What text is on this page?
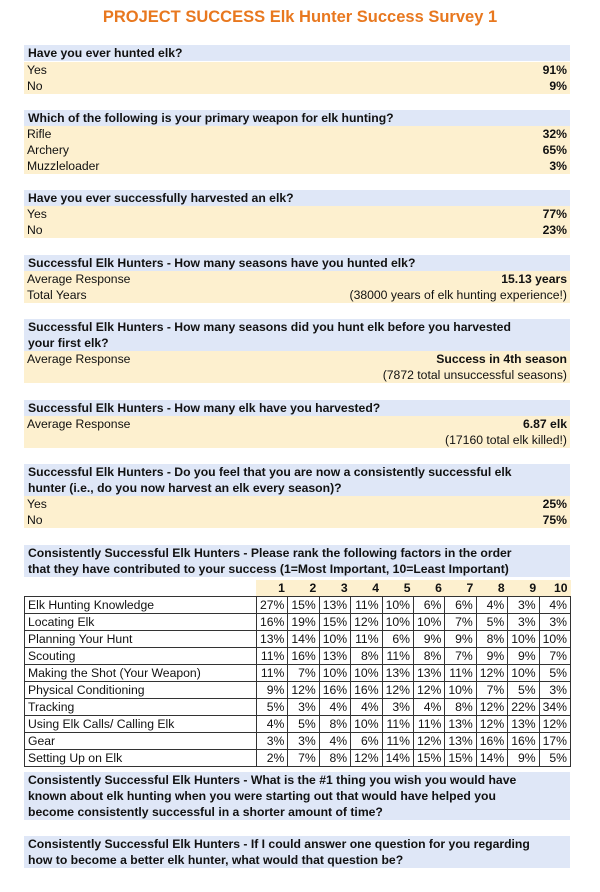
PROJECT SUCCESS Elk Hunter Success Survey 1
Have you ever hunted elk?
Yes	91%
No	9%
Which of the following is your primary weapon for elk hunting?
Rifle	32%
Archery	65%
Muzzleloader	3%
Have you ever successfully harvested an elk?
Yes	77%
No	23%
Successful Elk Hunters - How many seasons have you hunted elk?
Average Response	15.13 years
Total Years	(38000 years of elk hunting experience!)
Successful Elk Hunters - How many seasons did you hunt elk before you harvested
your first elk?
Average Response	Success in 4th season
(7872 total unsuccessful seasons)
Successful Elk Hunters - How many elk have you harvested?
Average Response	6.87 elk
(17160 total elk killed!)
Successful Elk Hunters - Do you feel that you are now a consistently successful elk
hunter (i.e., do you now harvest an elk every season)?
Yes	25%
No	75%
Consistently Successful Elk Hunters - Please rank the following factors in the order
that they have contributed to your success (1=Most Important, 10=Least Important)
	1	2	3	4	5	6	7	8	9	10
Elk Hunting Knowledge	27%	15%	13%	11%	10%	6%	6%	4%	3%	4%
Locating Elk	16%	19%	15%	12%	10%	10%	7%	5%	3%	3%
Planning Your Hunt	13%	14%	10%	11%	6%	9%	9%	8%	10%	10%
Scouting	11%	16%	13%	8%	11%	8%	7%	9%	9%	7%
Making the Shot (Your Weapon)	11%	7%	10%	10%	13%	13%	11%	12%	10%	5%
Physical Conditioning	9%	12%	16%	16%	12%	12%	10%	7%	5%	3%
Tracking	5%	3%	4%	4%	3%	4%	8%	12%	22%	34%
Using Elk Calls/ Calling Elk	4%	5%	8%	10%	11%	11%	13%	12%	13%	12%
Gear	3%	3%	4%	6%	11%	12%	13%	16%	16%	17%
Setting Up on Elk	2%	7%	8%	12%	14%	15%	15%	14%	9%	5%
Consistently Successful Elk Hunters - What is the #1 thing you wish you would have
known about elk hunting when you were starting out that would have helped you
become consistently successful in a shorter amount of time?
Consistently Successful Elk Hunters - If I could answer one question for you regarding
how to become a better elk hunter, what would that question be?
